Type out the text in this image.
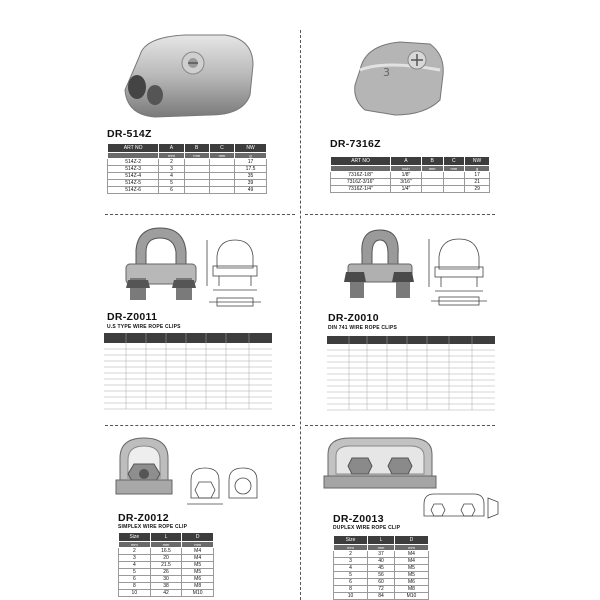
DR-514Z
ART NO	A	B	C	NW
	mm	mm	mm	g
514Z-2	2			17
514Z-3	3			17.5
514Z-4	4			35
514Z-5	5			39
514Z-6	6			49
3
DR-7316Z
ART NO	A	B	C	NW
	inch	mm	mm	g
7316Z-1/8"	1/8"			17
7316Z-3/16"	3/16"			21
7316Z-1/4"	1/4"			29
DR-Z0011
U.S TYPE WIRE ROPE CLIPS
DR-Z0010
DIN 741 WIRE ROPE CLIPS
DR-Z0012
SIMPLEX WIRE ROPE CLIP
Size	L	D
mm	mm	mm
2	16.5	M4
3	20	M4
4	21.5	M5
5	26	M5
6	30	M6
8	38	M8
10	42	M10
DR-Z0013
DUPLEX WIRE ROPE CLIP
Size	L	D
mm	mm	mm
2	37	M4
3	40	M4
4	45	M5
5	56	M5
6	60	M6
8	72	M8
10	84	M10
